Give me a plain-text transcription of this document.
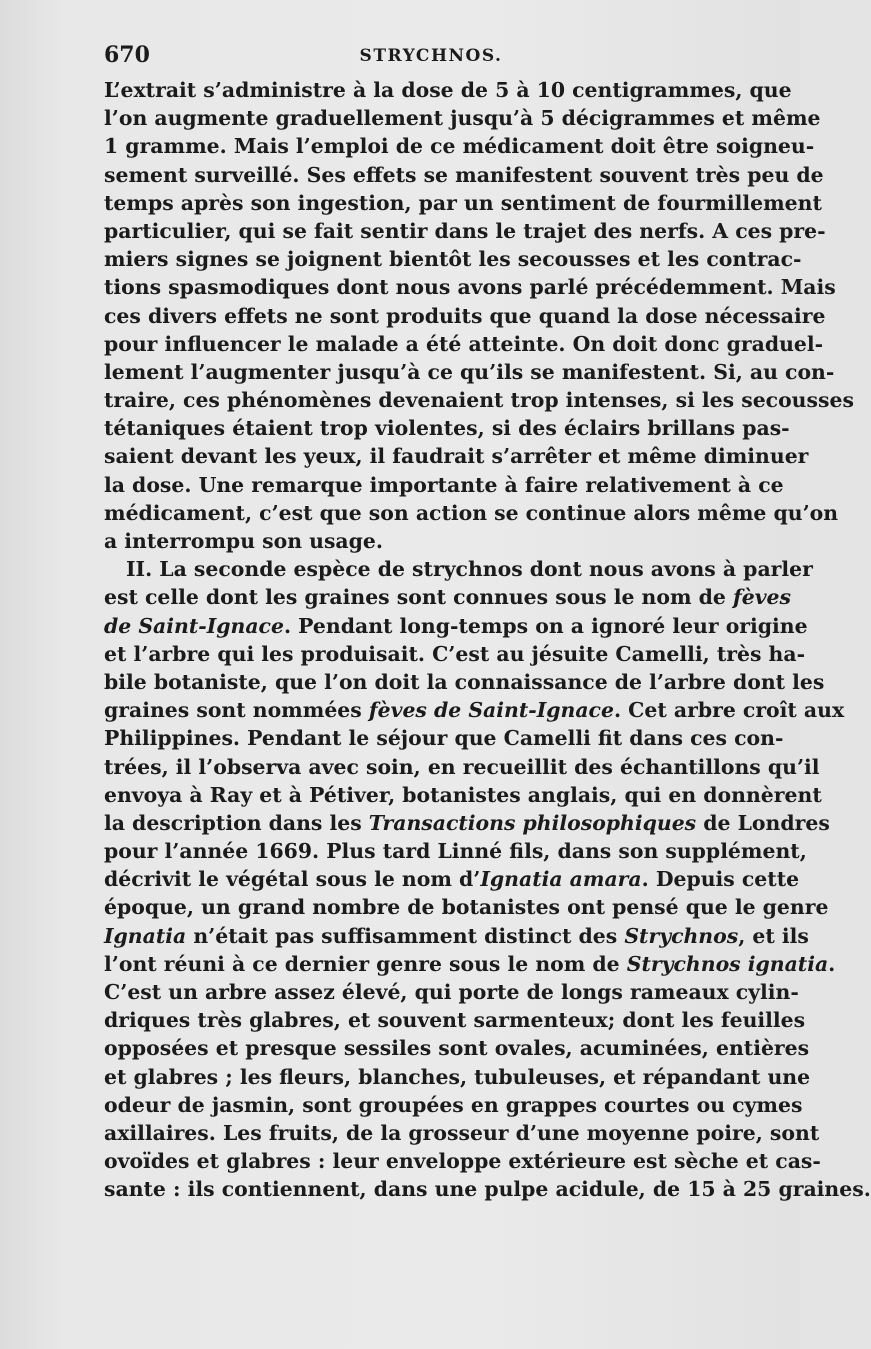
670	STRYCHNOS.
L’extrait s’administre à la dose de 5 à 10 centigrammes, que
l’on augmente graduellement jusqu’à 5 décigrammes et même
1 gramme. Mais l’emploi de ce médicament doit être soigneu-
sement surveillé. Ses effets se manifestent souvent très peu de
temps après son ingestion, par un sentiment de fourmillement
particulier, qui se fait sentir dans le trajet des nerfs. A ces pre-
miers signes se joignent bientôt les secousses et les contrac-
tions spasmodiques dont nous avons parlé précédemment. Mais
ces divers effets ne sont produits que quand la dose nécessaire
pour influencer le malade a été atteinte. On doit donc graduel-
lement l’augmenter jusqu’à ce qu’ils se manifestent. Si, au con-
traire, ces phénomènes devenaient trop intenses, si les secousses
tétaniques étaient trop violentes, si des éclairs brillans pas-
saient devant les yeux, il faudrait s’arrêter et même diminuer
la dose. Une remarque importante à faire relativement à ce
médicament, c’est que son action se continue alors même qu’on
a interrompu son usage.
II. La seconde espèce de strychnos dont nous avons à parler
est celle dont les graines sont connues sous le nom de fèves
de Saint-Ignace. Pendant long-temps on a ignoré leur origine
et l’arbre qui les produisait. C’est au jésuite Camelli, très ha-
bile botaniste, que l’on doit la connaissance de l’arbre dont les
graines sont nommées fèves de Saint-Ignace. Cet arbre croît aux
Philippines. Pendant le séjour que Camelli fit dans ces con-
trées, il l’observa avec soin, en recueillit des échantillons qu’il
envoya à Ray et à Pétiver, botanistes anglais, qui en donnèrent
la description dans les Transactions philosophiques de Londres
pour l’année 1669. Plus tard Linné fils, dans son supplément,
décrivit le végétal sous le nom d’Ignatia amara. Depuis cette
époque, un grand nombre de botanistes ont pensé que le genre
Ignatia n’était pas suffisamment distinct des Strychnos, et ils
l’ont réuni à ce dernier genre sous le nom de Strychnos ignatia.
C’est un arbre assez élevé, qui porte de longs rameaux cylin-
driques très glabres, et souvent sarmenteux; dont les feuilles
opposées et presque sessiles sont ovales, acuminées, entières
et glabres ; les fleurs, blanches, tubuleuses, et répandant une
odeur de jasmin, sont groupées en grappes courtes ou cymes
axillaires. Les fruits, de la grosseur d’une moyenne poire, sont
ovoïdes et glabres : leur enveloppe extérieure est sèche et cas-
sante : ils contiennent, dans une pulpe acidule, de 15 à 25 graines.
